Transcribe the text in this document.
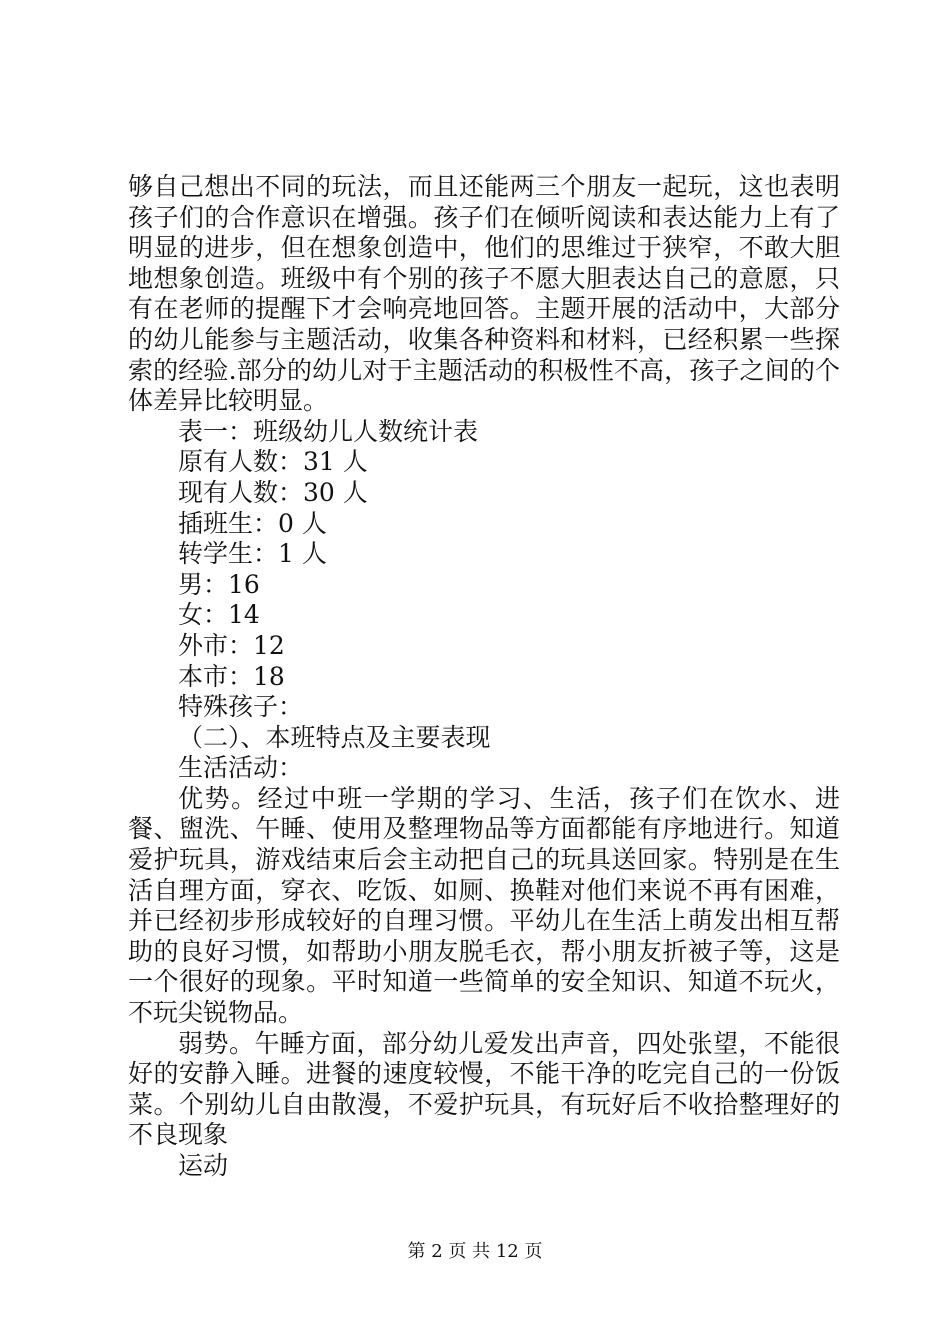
够自己想出不同的玩法，而且还能两三个朋友一起玩，这也表明孩子们的合作意识在增强。孩子们在倾听阅读和表达能力上有了明显的进步，但在想象创造中，他们的思维过于狭窄，不敢大胆地想象创造。班级中有个别的孩子不愿大胆表达自己的意愿，只有在老师的提醒下才会响亮地回答。主题开展的活动中，大部分的幼儿能参与主题活动，收集各种资料和材料，已经积累一些探索的经验.部分的幼儿对于主题活动的积极性不高，孩子之间的个体差异比较明显。

表一：班级幼儿人数统计表

原有人数：31 人

现有人数：30 人

插班生：0 人

转学生：1 人

男：16

女：14

外市：12

本市：18

特殊孩子：

（二）、本班特点及主要表现

生活活动：

优势。经过中班一学期的学习、生活，孩子们在饮水、进餐、盥洗、午睡、使用及整理物品等方面都能有序地进行。知道爱护玩具，游戏结束后会主动把自己的玩具送回家。特别是在生活自理方面，穿衣、吃饭、如厕、换鞋对他们来说不再有困难，并已经初步形成较好的自理习惯。平幼儿在生活上萌发出相互帮助的良好习惯，如帮助小朋友脱毛衣，帮小朋友折被子等，这是一个很好的现象。平时知道一些简单的安全知识、知道不玩火，不玩尖锐物品。

弱势。午睡方面，部分幼儿爱发出声音，四处张望，不能很好的安静入睡。进餐的速度较慢，不能干净的吃完自己的一份饭菜。个别幼儿自由散漫，不爱护玩具，有玩好后不收拾整理好的不良现象

运动

第 2 页 共 12 页
